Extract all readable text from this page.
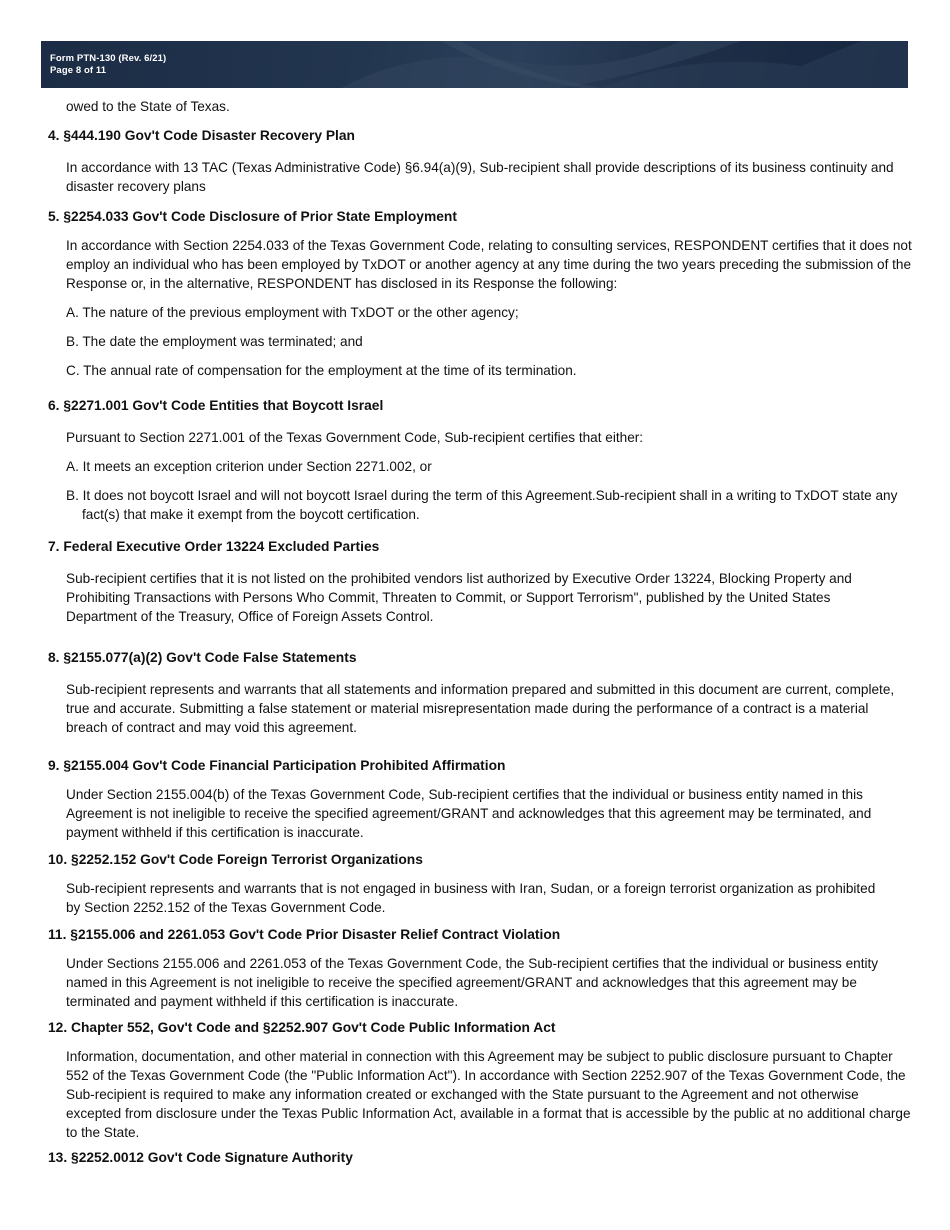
Form PTN-130 (Rev. 6/21)
Page 8 of 11

owed to the State of Texas.

4. §444.190 Gov't Code Disaster Recovery Plan

In accordance with 13 TAC (Texas Administrative Code) §6.94(a)(9), Sub-recipient shall provide descriptions of its business continuity and disaster recovery plans

5. §2254.033 Gov't Code Disclosure of Prior State Employment

In accordance with Section 2254.033 of the Texas Government Code, relating to consulting services, RESPONDENT certifies that it does not employ an individual who has been employed by TxDOT or another agency at any time during the two years preceding the submission of the Response or, in the alternative, RESPONDENT has disclosed in its Response the following:

A. The nature of the previous employment with TxDOT or the other agency;

B. The date the employment was terminated; and

C. The annual rate of compensation for the employment at the time of its termination.

6. §2271.001 Gov't Code Entities that Boycott Israel

Pursuant to Section 2271.001 of the Texas Government Code, Sub-recipient certifies that either:

A. It meets an exception criterion under Section 2271.002, or

B. It does not boycott Israel and will not boycott Israel during the term of this Agreement.Sub-recipient shall in a writing to TxDOT state any fact(s) that make it exempt from the boycott certification.

7. Federal Executive Order 13224 Excluded Parties

Sub-recipient certifies that it is not listed on the prohibited vendors list authorized by Executive Order 13224, Blocking Property and Prohibiting Transactions with Persons Who Commit, Threaten to Commit, or Support Terrorism", published by the United States Department of the Treasury, Office of Foreign Assets Control.

8. §2155.077(a)(2) Gov't Code False Statements

Sub-recipient represents and warrants that all statements and information prepared and submitted in this document are current, complete, true and accurate. Submitting a false statement or material misrepresentation made during the performance of a contract is a material breach of contract and may void this agreement.

9. §2155.004 Gov't Code Financial Participation Prohibited Affirmation

Under Section 2155.004(b) of the Texas Government Code, Sub-recipient certifies that the individual or business entity named in this Agreement is not ineligible to receive the specified agreement/GRANT and acknowledges that this agreement may be terminated, and payment withheld if this certification is inaccurate.

10. §2252.152 Gov't Code Foreign Terrorist Organizations

Sub-recipient represents and warrants that is not engaged in business with Iran, Sudan, or a foreign terrorist organization as prohibited by Section 2252.152 of the Texas Government Code.

11. §2155.006 and 2261.053 Gov't Code Prior Disaster Relief Contract Violation

Under Sections 2155.006 and 2261.053 of the Texas Government Code, the Sub-recipient certifies that the individual or business entity named in this Agreement is not ineligible to receive the specified agreement/GRANT and acknowledges that this agreement may be terminated and payment withheld if this certification is inaccurate.

12. Chapter 552, Gov't Code and §2252.907 Gov't Code Public Information Act

Information, documentation, and other material in connection with this Agreement may be subject to public disclosure pursuant to Chapter 552 of the Texas Government Code (the "Public Information Act"). In accordance with Section 2252.907 of the Texas Government Code, the Sub-recipient is required to make any information created or exchanged with the State pursuant to the Agreement and not otherwise excepted from disclosure under the Texas Public Information Act, available in a format that is accessible by the public at no additional charge to the State.

13. §2252.0012 Gov't Code Signature Authority
